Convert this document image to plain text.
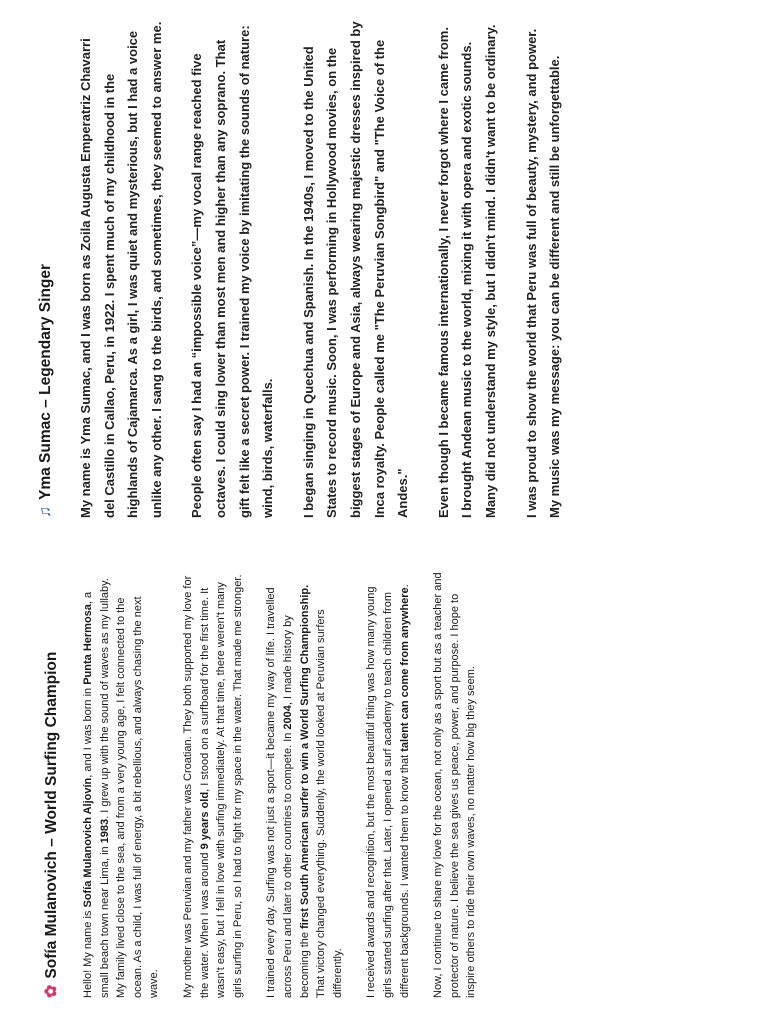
✿
Sofía Mulanovich – World Surfing Champion Hello! My name is Sofía Mulanovich Aljovín, and I was born in Punta Hermosa, a small beach town near Lima, in 1983. I grew up with the sound of waves as my lullaby. My family lived close to the sea, and from a very young age, I felt connected to the ocean. As a child, I was full of energy, a bit rebellious, and always chasing the next wave. My mother was Peruvian and my father was Croatian. They both supported my love for the water. When I was around 9 years old, I stood on a surfboard for the first time. It wasn't easy, but I fell in love with surfing immediately. At that time, there weren't many girls surfing in Peru, so I had to fight for my space in the water. That made me stronger. I trained every day. Surfing was not just a sport—it became my way of life. I travelled across Peru and later to other countries to compete. In 2004, I made history by becoming the first South American surfer to win a World Surfing Championship. That victory changed everything. Suddenly, the world looked at Peruvian surfers differently. I received awards and recognition, but the most beautiful thing was how many young girls started surfing after that. Later, I opened a surf academy to teach children from different backgrounds. I wanted them to know that talent can come from anywhere. Now, I continue to share my love for the ocean, not only as a sport but as a teacher and protector of nature. I believe the sea gives us peace, power, and purpose. I hope to inspire others to ride their own waves, no matter how big they seem.

♫
Yma Sumac – Legendary Singer	My name is Yma Sumac, and I was born as Zoila Augusta Emperatriz Chavarri del Castillo in Callao, Peru, in 1922. I spent much of my childhood in the highlands of Cajamarca. As a girl, I was quiet and mysterious, but I had a voice unlike any other. I sang to the birds, and sometimes, they seemed to answer me.	People often say I had an “impossible voice”—my vocal range reached five octaves. I could sing lower than most men and higher than any soprano. That gift felt like a secret power. I trained my voice by imitating the sounds of nature: wind, birds, waterfalls.	I began singing in Quechua and Spanish. In the 1940s, I moved to the United States to record music. Soon, I was performing in Hollywood movies, on the biggest stages of Europe and Asia, always wearing majestic dresses inspired by Inca royalty. People called me "The Peruvian Songbird" and "The Voice of the Andes."	Even though I became famous internationally, I never forgot where I came from. I brought Andean music to the world, mixing it with opera and exotic sounds. Many did not understand my style, but I didn't mind. I didn't want to be ordinary.	I was proud to show the world that Peru was full of beauty, mystery, and power. My music was my message: you can be different and still be unforgettable.
